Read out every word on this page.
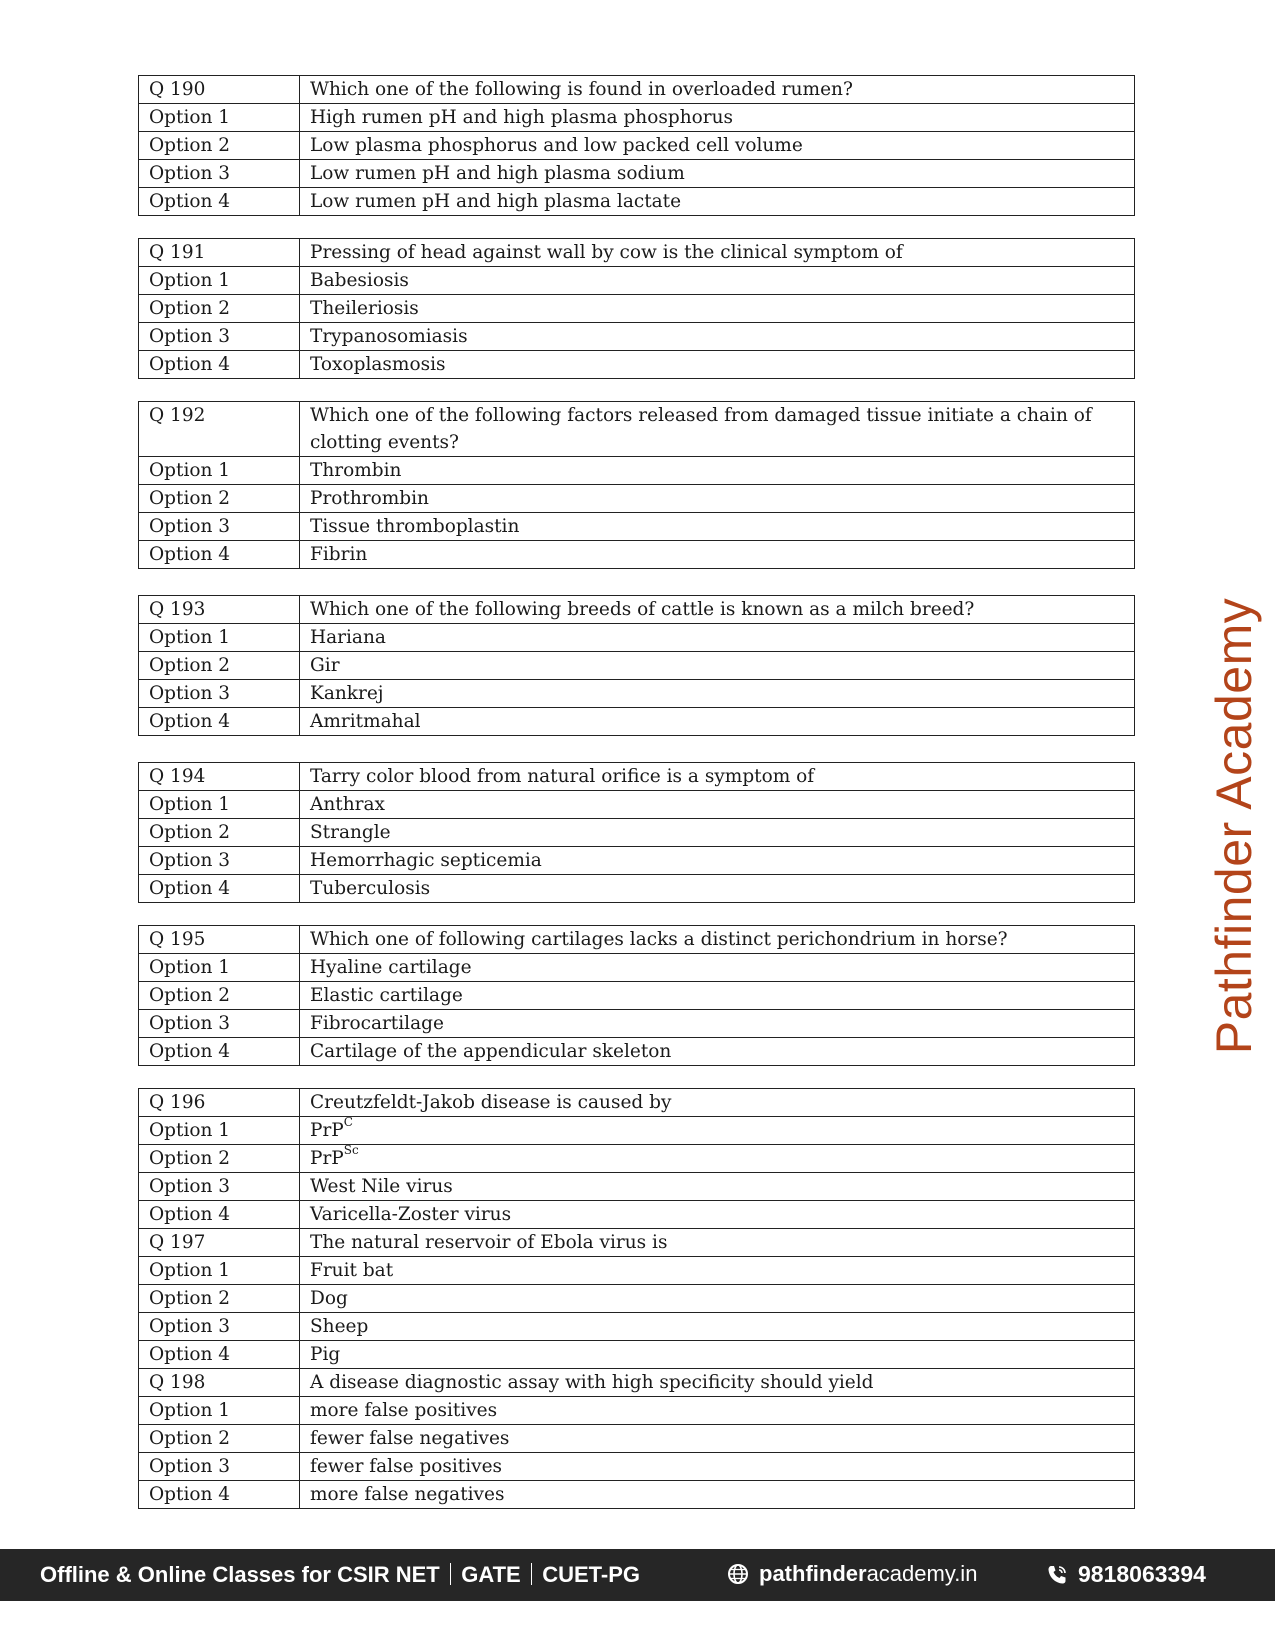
Q 190	Which one of the following is found in overloaded rumen?
Option 1	High rumen pH and high plasma phosphorus
Option 2	Low plasma phosphorus and low packed cell volume
Option 3	Low rumen pH and high plasma sodium
Option 4	Low rumen pH and high plasma lactate
Q 191	Pressing of head against wall by cow is the clinical symptom of
Option 1	Babesiosis
Option 2	Theileriosis
Option 3	Trypanosomiasis
Option 4	Toxoplasmosis
Q 192	Which one of the following factors released from damaged tissue initiate a chain of clotting events?
Option 1	Thrombin
Option 2	Prothrombin
Option 3	Tissue thromboplastin
Option 4	Fibrin
Q 193	Which one of the following breeds of cattle is known as a milch breed?
Option 1	Hariana
Option 2	Gir
Option 3	Kankrej
Option 4	Amritmahal
Q 194	Tarry color blood from natural orifice is a symptom of
Option 1	Anthrax
Option 2	Strangle
Option 3	Hemorrhagic septicemia
Option 4	Tuberculosis
Q 195	Which one of following cartilages lacks a distinct perichondrium in horse?
Option 1	Hyaline cartilage
Option 2	Elastic cartilage
Option 3	Fibrocartilage
Option 4	Cartilage of the appendicular skeleton
Q 196	Creutzfeldt-Jakob disease is caused by
Option 1	PrP$^C$
Option 2	PrP$^{Sc}$
Option 3	West Nile virus
Option 4	Varicella-Zoster virus
Q 197	The natural reservoir of Ebola virus is
Option 1	Fruit bat
Option 2	Dog
Option 3	Sheep
Option 4	Pig
Q 198	A disease diagnostic assay with high specificity should yield
Option 1	more false positives
Option 2	fewer false negatives
Option 3	fewer false positives
Option 4	more false negatives
Pathfinder Academy
Offline & Online Classes for CSIR NET GATE CUET-PG	pathfinder academy.in	9818063394
